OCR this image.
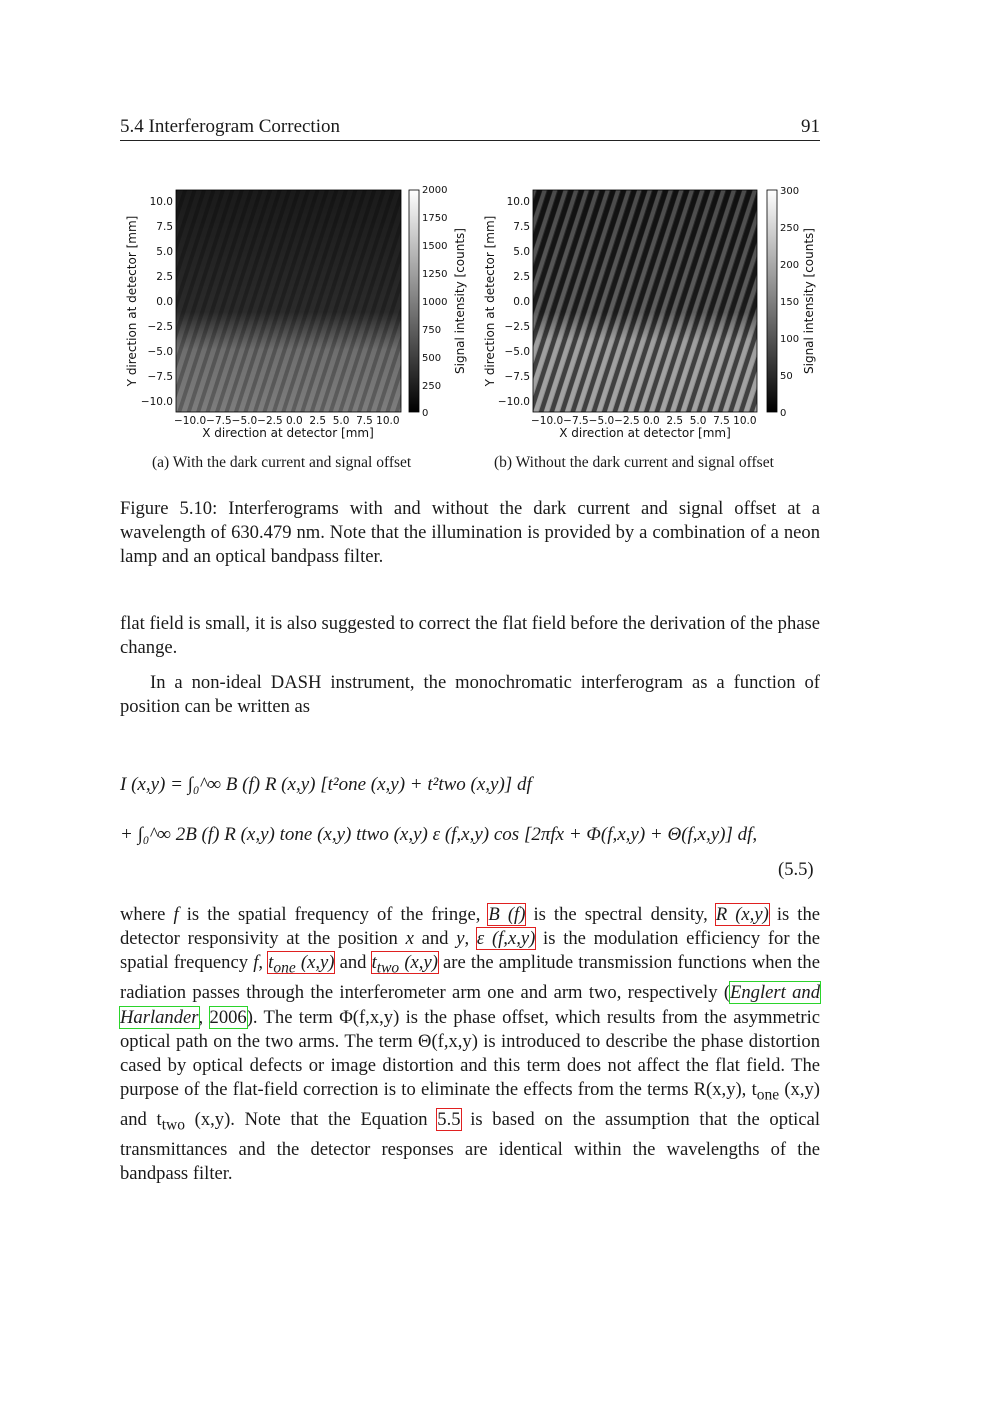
5.4 Interferogram Correction	91
10.0
7.5
5.0
2.5
0.0
−2.5
−5.0
−7.5
−10.0
Y direction at detector [mm]
−10.0−7.5−5.0−2.5 0.0  2.5  5.0  7.5 10.0
X direction at detector [mm]
0
250
500
750
1000
1250
1500
1750
2000
Signal intensity [counts]
10.0
7.5
5.0
2.5
0.0
−2.5
−5.0
−7.5
−10.0
Y direction at detector [mm]
−10.0−7.5−5.0−2.5 0.0  2.5  5.0  7.5 10.0
X direction at detector [mm]
0
50
100
150
200
250
300
Signal intensity [counts]
(a) With the dark current and signal offset	(b) Without the dark current and signal offset
Figure 5.10: Interferograms with and without the dark current and signal offset at a wavelength of 630.479 nm. Note that the illumination is provided by a combination of a neon lamp and an optical bandpass filter.
flat field is small, it is also suggested to correct the flat field before the derivation of the phase change.
In a non-ideal DASH instrument, the monochromatic interferogram as a function of position can be written as
I (x,y) = ∫₀^∞ B (f) R (x,y) [t²one (x,y) + t²two (x,y)] df
+ ∫₀^∞ 2B (f) R (x,y) tone (x,y) ttwo (x,y) ε (f,x,y) cos [2πfx + Φ(f,x,y) + Θ(f,x,y)] df,
(5.5)
where f is the spatial frequency of the fringe, B (f) is the spectral density, R (x,y) is the detector responsivity at the position x and y, ε (f,x,y) is the modulation efficiency for the spatial frequency f, $t_{one}$ (x,y) and $t_{two}$ (x,y) are the amplitude transmission functions when the radiation passes through the interferometer arm one and arm two, respectively (Englert and Harlander, 2006). The term Φ(f,x,y) is the phase offset, which results from the asymmetric optical path on the two arms. The term Θ(f,x,y) is introduced to describe the phase distortion cased by optical defects or image distortion and this term does not affect the flat field. The purpose of the flat-field correction is to eliminate the effects from the terms R(x,y), $t_{one}$ (x,y) and $t_{two}$ (x,y). Note that the Equation 5.5 is based on the assumption that the optical transmittances and the detector responses are identical within the wavelengths of the bandpass filter.
